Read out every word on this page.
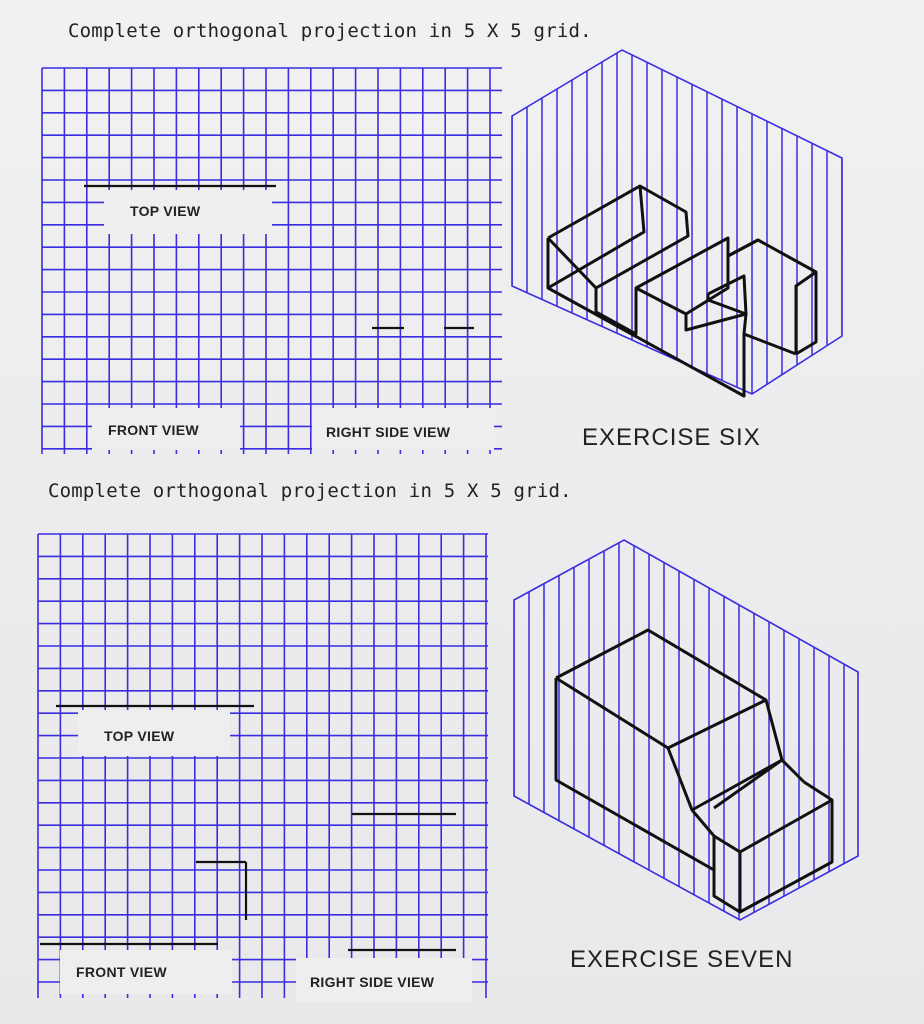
Complete orthogonal projection in 5 X 5 grid.
Complete orthogonal projection in 5 X 5 grid.
EXERCISE SIX
EXERCISE SEVEN
TOP VIEW
FRONT VIEW	RIGHT SIDE VIEW
TOP VIEW
FRONT VIEW
RIGHT SIDE VIEW
